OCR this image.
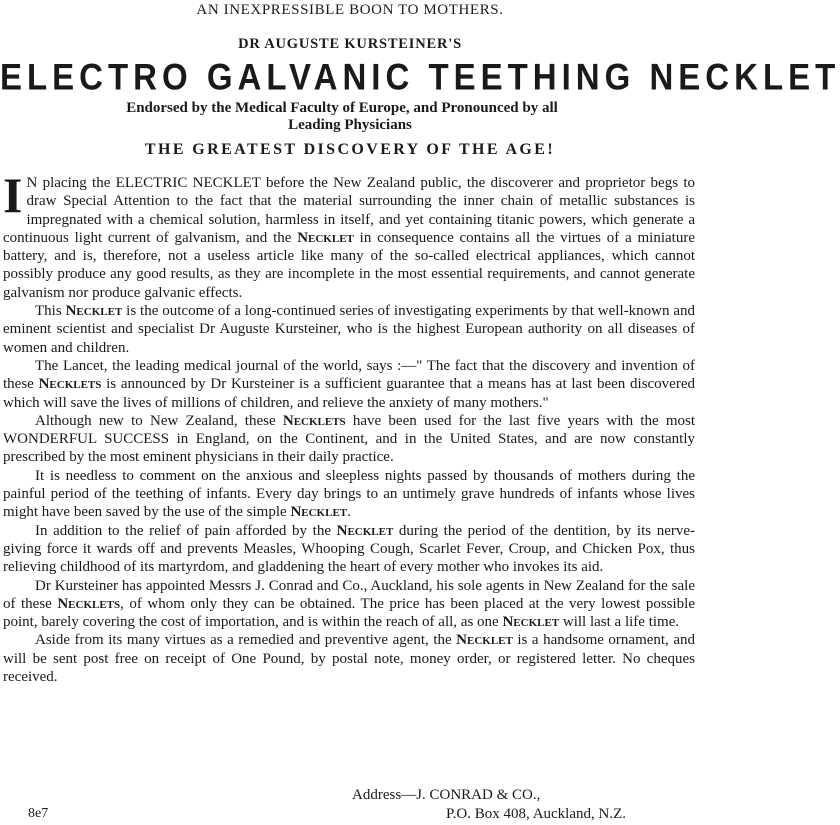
AN INEXPRESSIBLE BOON TO MOTHERS.
DR AUGUSTE KURSTEINER'S
ELECTRO GALVANIC TEETHING NECKLET
Endorsed by the Medical Faculty of Europe, and Pronounced by all
Leading Physicians
THE GREATEST DISCOVERY OF THE AGE!

I N placing the ELECTRIC NECKLET before the New Zealand public, the discoverer and proprietor begs to draw Special Attention to the fact that the material surrounding the inner chain of metallic substances is impregnated with a chemical solution, harmless in itself, and yet containing titanic powers, which generate a continuous light current of galvanism, and the Necklet in consequence contains all the virtues of a miniature battery, and is, therefore, not a useless article like many of the so-called electrical appliances, which cannot possibly produce any good results, as they are incomplete in the most essential requirements, and cannot generate galvanism nor produce galvanic effects.

This Necklet is the outcome of a long-continued series of investigating experiments by that well-known and eminent scientist and specialist Dr Auguste Kursteiner, who is the highest European authority on all diseases of women and children.

The Lancet, the leading medical journal of the world, says :—" The fact that the discovery and invention of these Necklets is announced by Dr Kursteiner is a sufficient guarantee that a means has at last been discovered which will save the lives of millions of children, and relieve the anxiety of many mothers."

Although new to New Zealand, these Necklets have been used for the last five years with the most WONDERFUL SUCCESS in England, on the Continent, and in the United States, and are now constantly prescribed by the most eminent physicians in their daily practice.

It is needless to comment on the anxious and sleepless nights passed by thousands of mothers during the painful period of the teething of infants. Every day brings to an untimely grave hundreds of infants whose lives might have been saved by the use of the simple Necklet.

In addition to the relief of pain afforded by the Necklet during the period of the dentition, by its nerve-giving force it wards off and prevents Measles, Whooping Cough, Scarlet Fever, Croup, and Chicken Pox, thus relieving childhood of its martyrdom, and gladdening the heart of every mother who invokes its aid.

Dr Kursteiner has appointed Messrs J. Conrad and Co., Auckland, his sole agents in New Zealand for the sale of these Necklets, of whom only they can be obtained. The price has been placed at the very lowest possible point, barely covering the cost of importation, and is within the reach of all, as one Necklet will last a life time.

Aside from its many virtues as a remedied and preventive agent, the Necklet is a handsome ornament, and will be sent post free on receipt of One Pound, by postal note, money order, or registered letter. No cheques received.

Address—J. CONRAD & CO.,
P.O. Box 408, Auckland, N.Z.
8e7
